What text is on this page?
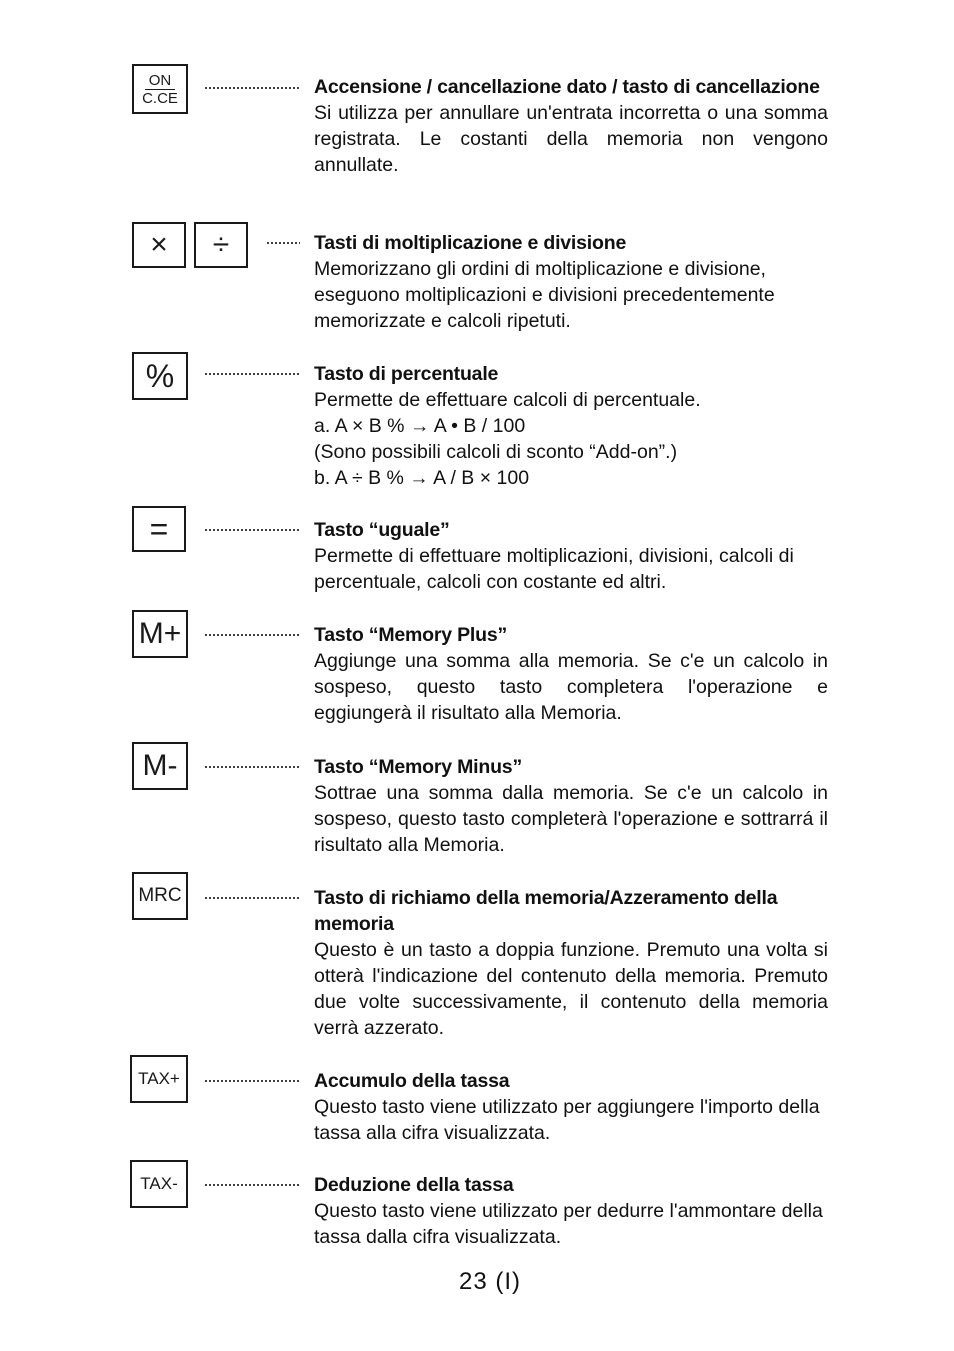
ON
C.CE	Accensione / cancellazione dato / tasto di cancellazione
Si utilizza per annullare un'entrata incorretta o una somma registrata. Le costanti della memoria non vengono annullate.
× ÷	Tasti di moltiplicazione e divisione
Memorizzano gli ordini di moltiplicazione e divisione, eseguono moltiplicazioni e divisioni precedentemente memorizzate e calcoli ripetuti.
%	Tasto di percentuale
Permette de effettuare calcoli di percentuale.
a. A × B % → A • B / 100
(Sono possibili calcoli di sconto “Add-on”.)
b. A ÷ B % → A / B × 100
=	Tasto “uguale”
Permette di effettuare moltiplicazioni, divisioni, calcoli di percentuale, calcoli con costante ed altri.
M+	Tasto “Memory Plus”
Aggiunge una somma alla memoria. Se c'e un calcolo in sospeso, questo tasto completera l'operazione e eggiungerà il risultato alla Memoria.
M-	Tasto “Memory Minus”
Sottrae una somma dalla memoria. Se c'e un calcolo in sospeso, questo tasto completerà l'operazione e sottrarrá il risultato alla Memoria.
MRC	Tasto di richiamo della memoria/Azzeramento della memoria
Questo è un tasto a doppia funzione. Premuto una volta si otterà l'indicazione del contenuto della memoria. Premuto due volte successivamente, il contenuto della memoria verrà azzerato.
TAX+	Accumulo della tassa
Questo tasto viene utilizzato per aggiungere l'importo della tassa alla cifra visualizzata.
TAX-	Deduzione della tassa
Questo tasto viene utilizzato per dedurre l'ammontare della tassa dalla cifra visualizzata.
23 (I)
